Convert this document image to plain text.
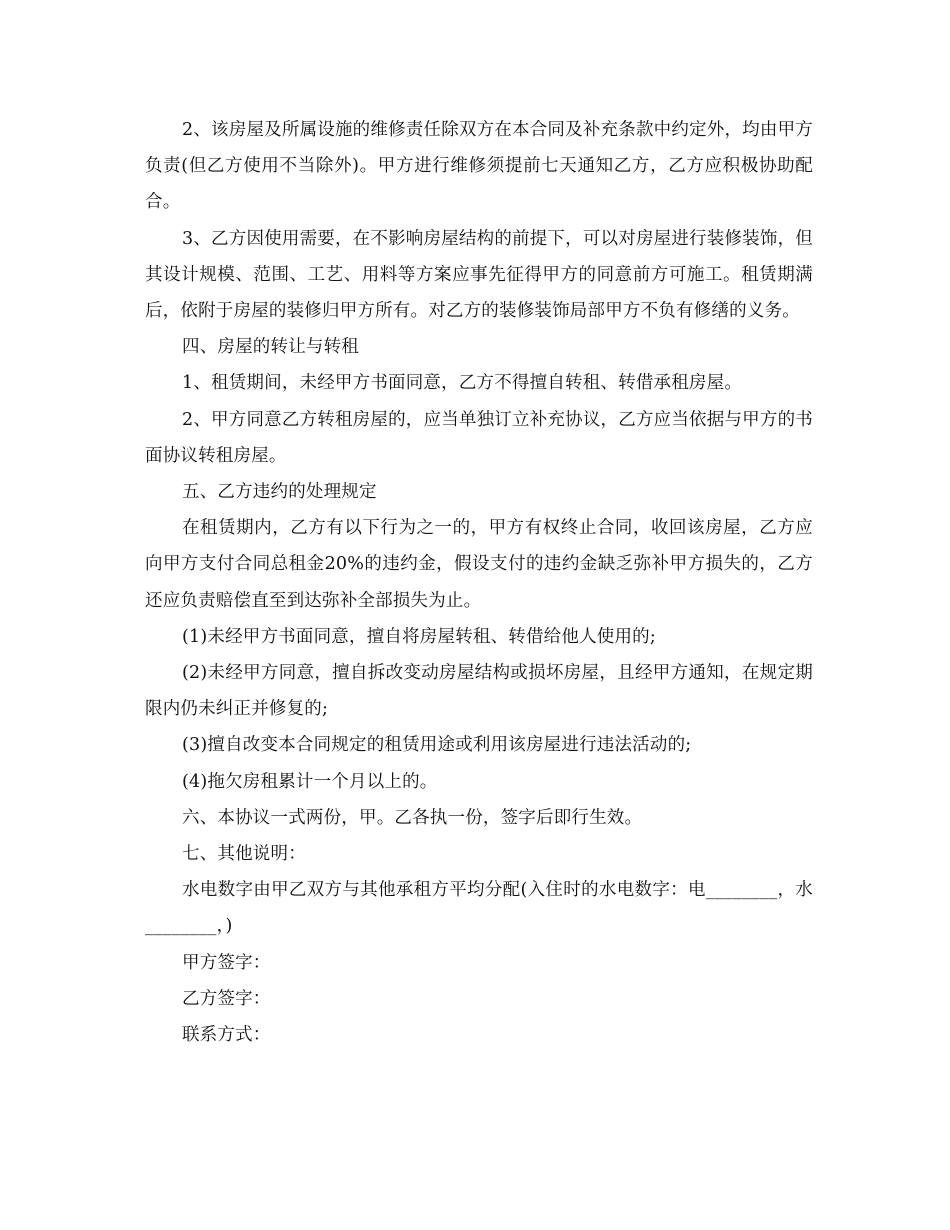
2、该房屋及所属设施的维修责任除双方在本合同及补充条款中约定外，均由甲方负责(但乙方使用不当除外)。甲方进行维修须提前七天通知乙方，乙方应积极协助配合。

3、乙方因使用需要，在不影响房屋结构的前提下，可以对房屋进行装修装饰，但其设计规模、范围、工艺、用料等方案应事先征得甲方的同意前方可施工。租赁期满后，依附于房屋的装修归甲方所有。对乙方的装修装饰局部甲方不负有修缮的义务。

四、房屋的转让与转租

1、租赁期间，未经甲方书面同意，乙方不得擅自转租、转借承租房屋。

2、甲方同意乙方转租房屋的，应当单独订立补充协议，乙方应当依据与甲方的书面协议转租房屋。

五、乙方违约的处理规定

在租赁期内，乙方有以下行为之一的，甲方有权终止合同，收回该房屋，乙方应向甲方支付合同总租金20%的违约金，假设支付的违约金缺乏弥补甲方损失的，乙方还应负责赔偿直至到达弥补全部损失为止。

(1)未经甲方书面同意，擅自将房屋转租、转借给他人使用的;

(2)未经甲方同意，擅自拆改变动房屋结构或损坏房屋，且经甲方通知，在规定期限内仍未纠正并修复的;

(3)擅自改变本合同规定的租赁用途或利用该房屋进行违法活动的;

(4)拖欠房租累计一个月以上的。

六、本协议一式两份，甲。乙各执一份，签字后即行生效。

七、其他说明：

水电数字由甲乙双方与其他承租方平均分配(入住时的水电数字：电________，水________，)

甲方签字：

乙方签字：

联系方式：
